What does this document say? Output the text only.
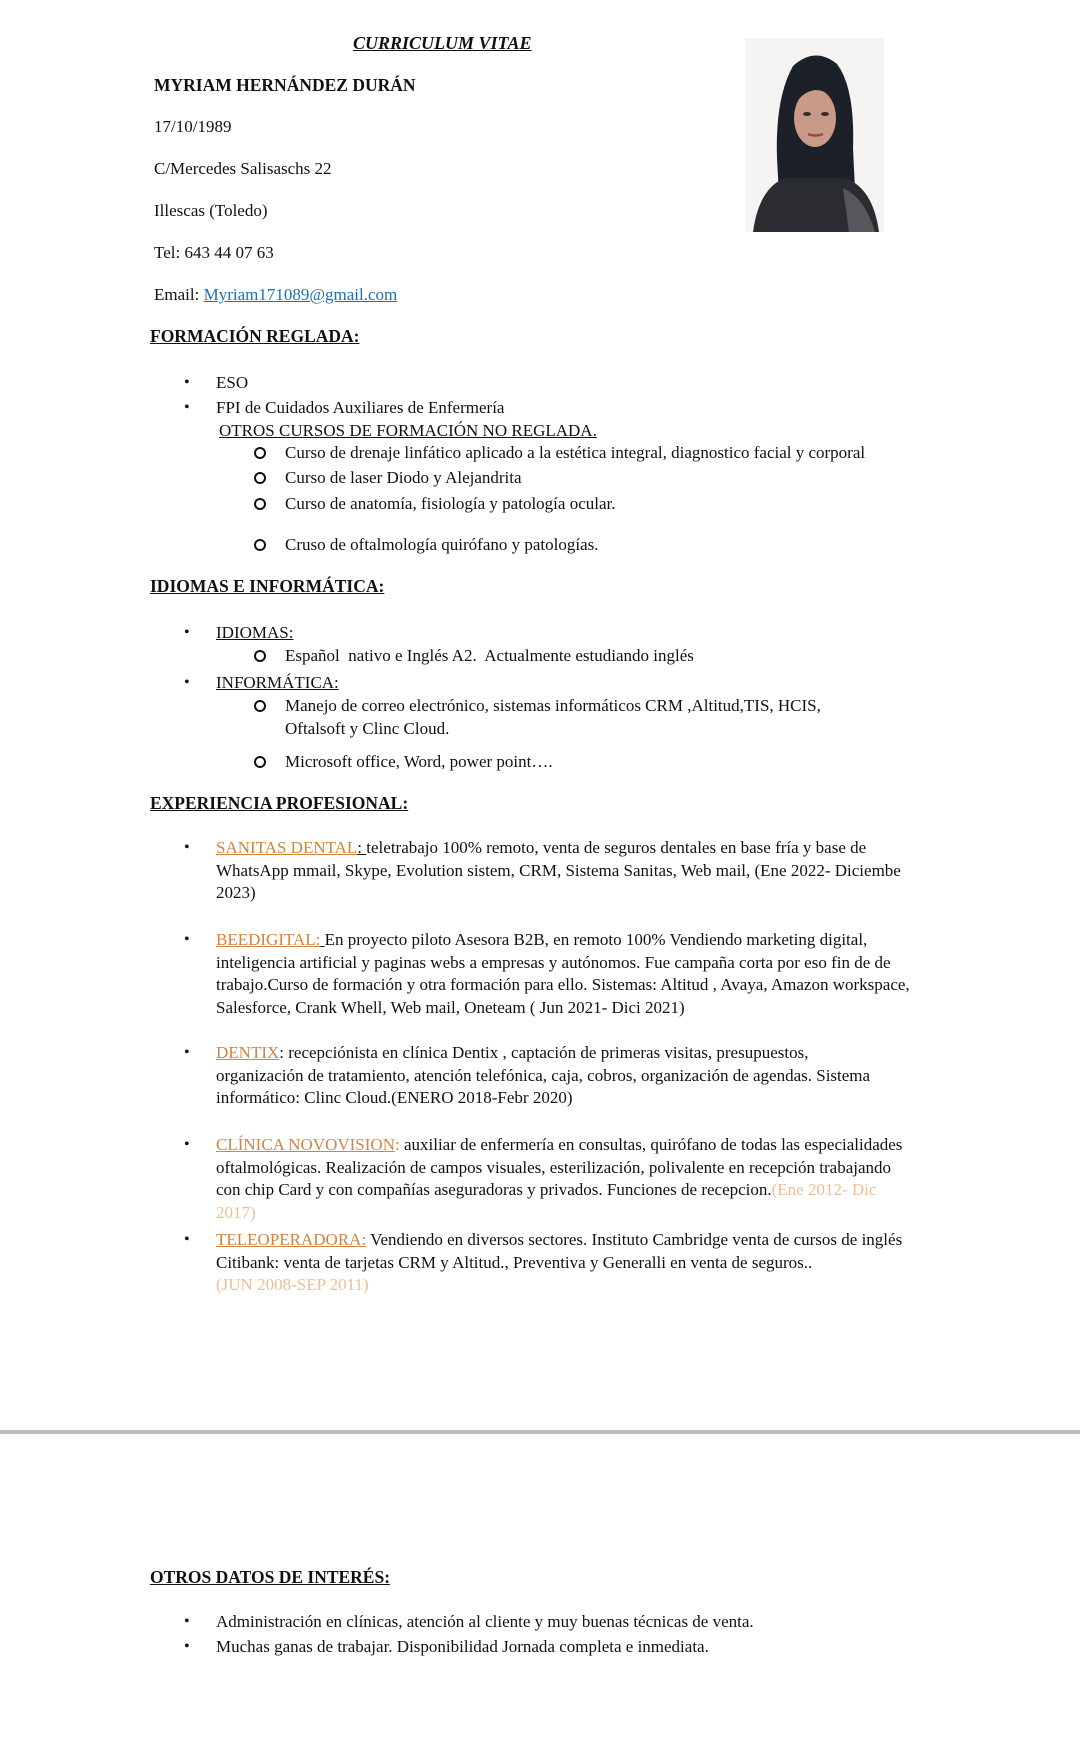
CURRICULUM VITAE
MYRIAM HERNÁNDEZ DURÁN
17/10/1989
C/Mercedes Salisaschs 22
Illescas (Toledo)
Tel: 643 44 07 63
Email: Myriam171089@gmail.com
FORMACIÓN REGLADA:
• ESO
• FPI de Cuidados Auxiliares de Enfermería
OTROS CURSOS DE FORMACIÓN NO REGLADA.
Curso de drenaje linfático aplicado a la estética integral, diagnostico facial y corporal
Curso de laser Diodo y Alejandrita
Curso de anatomía, fisiología y patología ocular.
Cruso de oftalmología quirófano y patologías.
IDIOMAS E INFORMÁTICA:
• IDIOMAS:
Español  nativo e Inglés A2.  Actualmente estudiando inglés
• INFORMÁTICA:
Manejo de correo electrónico, sistemas informáticos CRM ,Altitud,TIS, HCIS,
Oftalsoft y Clinc Cloud.
Microsoft office, Word, power point….
EXPERIENCIA PROFESIONAL:
• SANITAS DENTAL: teletrabajo 100% remoto, venta de seguros dentales en base fría y base de WhatsApp mmail, Skype, Evolution sistem, CRM, Sistema Sanitas, Web mail, (Ene 2022- Diciembe 2023)
• BEEDIGITAL: En proyecto piloto Asesora B2B, en remoto 100% Vendiendo marketing digital, inteligencia artificial y paginas webs a empresas y autónomos. Fue campaña corta por eso fin de de trabajo.Curso de formación y otra formación para ello. Sistemas: Altitud , Avaya, Amazon workspace, Salesforce, Crank Whell, Web mail, Oneteam ( Jun 2021- Dici 2021)
• DENTIX: recepciónista en clínica Dentix , captación de primeras visitas, presupuestos, organización de tratamiento, atención telefónica, caja, cobros, organización de agendas. Sistema informático: Clinc Cloud.(ENERO 2018-Febr 2020)
• CLÍNICA NOVOVISION: auxiliar de enfermería en consultas, quirófano de todas las especialidades oftalmológicas. Realización de campos visuales, esterilización, polivalente en recepción trabajando con chip Card y con compañías aseguradoras y privados. Funciones de recepcion.(Ene 2012- Dic 2017)
• TELEOPERADORA: Vendiendo en diversos sectores. Instituto Cambridge venta de cursos de inglés Citibank: venta de tarjetas CRM y Altitud., Preventiva y Generalli en venta de seguros..
(JUN 2008-SEP 2011)
OTROS DATOS DE INTERÉS:
• Administración en clínicas, atención al cliente y muy buenas técnicas de venta.
• Muchas ganas de trabajar. Disponibilidad Jornada completa e inmediata.
